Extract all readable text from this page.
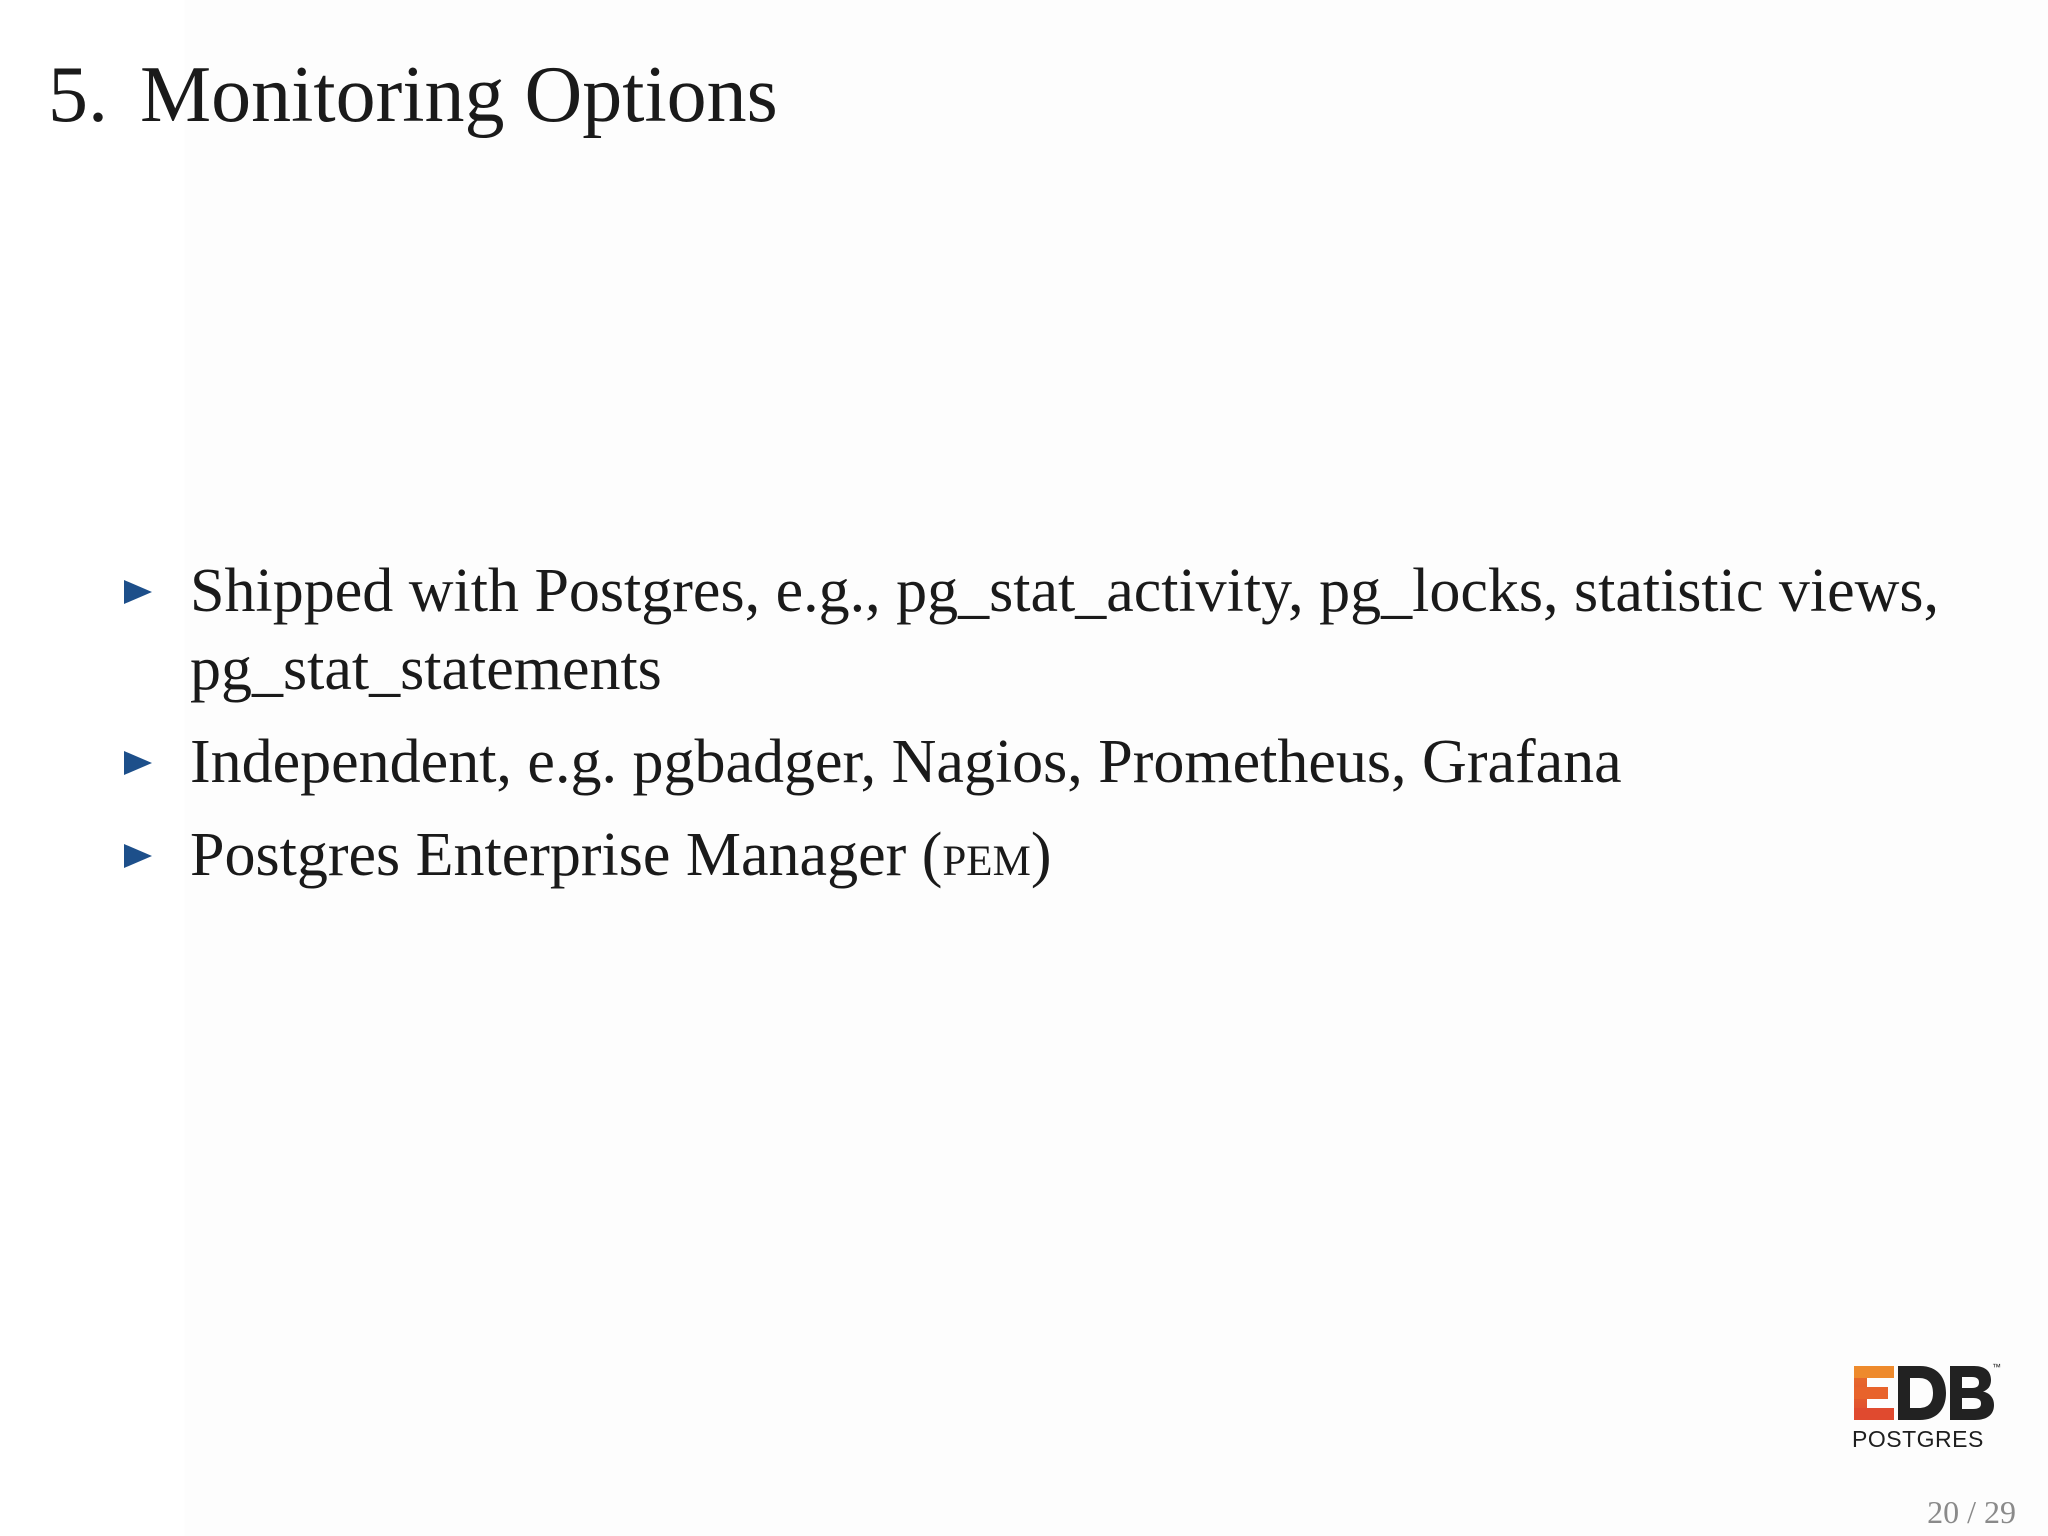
5. Monitoring Options
Shipped with Postgres, e.g., pg_stat_activity, pg_locks, statistic views, pg_stat_statements
Independent, e.g. pgbadger, Nagios, Prometheus, Grafana
Postgres Enterprise Manager (pem)
™
POSTGRES
20 / 29
